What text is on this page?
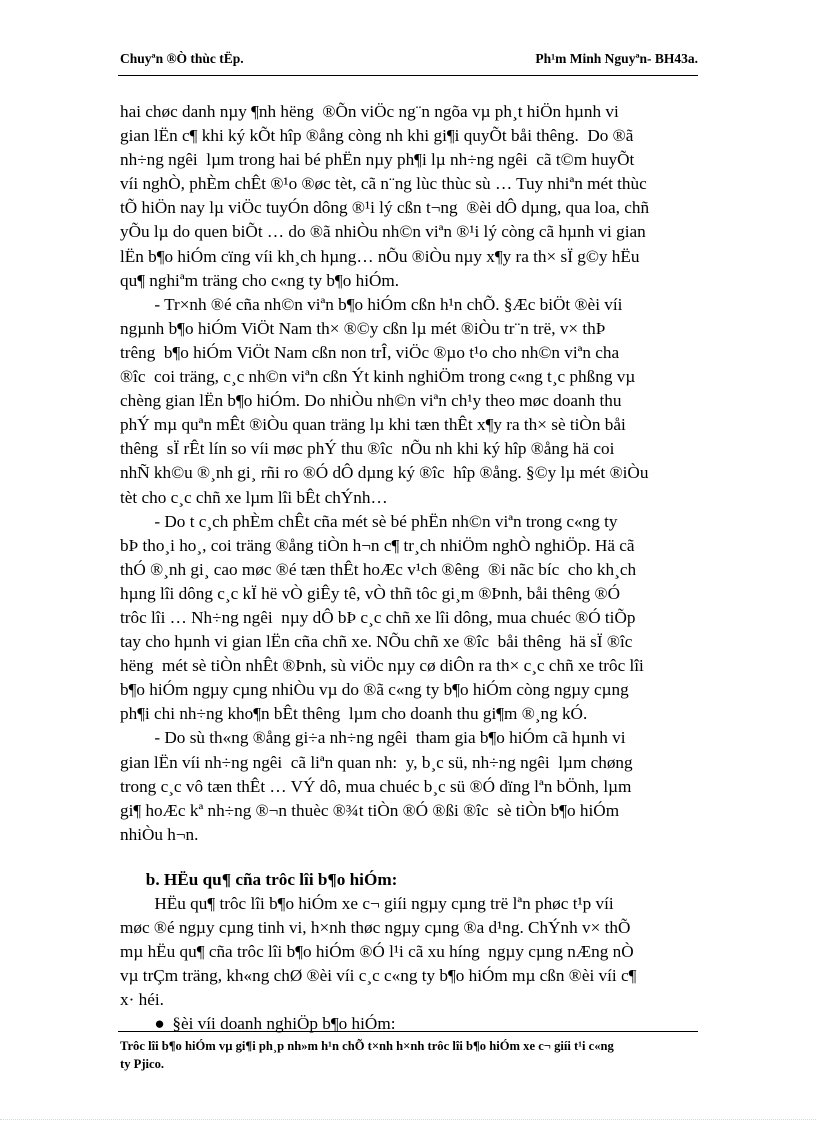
Chuyªn ®Ò thùc tËp.	Ph¹m Minh Nguyªn- BH43a.
hai chøc danh nµy ¶nh hëng  ®Õn viÖc ng¨n ngõa vµ ph¸t hiÖn hµnh vi
gian lËn c¶ khi ký kÕt hîp ®ång còng nh khi gi¶i quyÕt båi thêng.  Do ®ã
nh÷ng ngêi  lµm trong hai bé phËn nµy ph¶i lµ nh÷ng ngêi  cã t©m huyÕt
víi nghÒ, phÈm chÊt ®¹o ®øc tèt, cã n¨ng lùc thùc sù … Tuy nhiªn mét thùc
tÕ hiÖn nay lµ viÖc tuyÓn dông ®¹i lý cßn t¬ng  ®èi dÔ dµng, qua loa, chñ
yÕu lµ do quen biÕt … do ®ã nhiÒu nh©n viªn ®¹i lý còng cã hµnh vi gian
lËn b¶o hiÓm cïng víi kh¸ch hµng… nÕu ®iÒu nµy x¶y ra th× sÏ g©y hËu
qu¶ nghiªm träng cho c«ng ty b¶o hiÓm.
- Tr×nh ®é cña nh©n viªn b¶o hiÓm cßn h¹n chÕ. §Æc biÖt ®èi víi
ngµnh b¶o hiÓm ViÖt Nam th× ®©y cßn lµ mét ®iÒu tr¨n trë, v× thÞ
trêng  b¶o hiÓm ViÖt Nam cßn non trÎ, viÖc ®µo t¹o cho nh©n viªn cha
®îc  coi träng, c¸c nh©n viªn cßn Ýt kinh nghiÖm trong c«ng t¸c phßng vµ
chèng gian lËn b¶o hiÓm. Do nhiÒu nh©n viªn ch¹y theo møc doanh thu
phÝ mµ quªn mÊt ®iÒu quan träng lµ khi tæn thÊt x¶y ra th× sè tiÒn båi
thêng  sÏ rÊt lín so víi møc phÝ thu ®îc  nÕu nh khi ký hîp ®ång hä coi
nhÑ kh©u ®¸nh gi¸ rñi ro ®Ó dÔ dµng ký ®îc  hîp ®ång. §©y lµ mét ®iÒu
tèt cho c¸c chñ xe lµm lîi bÊt chÝnh…
- Do t c¸ch phÈm chÊt cña mét sè bé phËn nh©n viªn trong c«ng ty
bÞ tho¸i ho¸, coi träng ®ång tiÒn h¬n c¶ tr¸ch nhiÖm nghÒ nghiÖp. Hä cã
thÓ ®¸nh gi¸ cao møc ®é tæn thÊt hoÆc v¹ch ®êng  ®i nãc bíc  cho kh¸ch
hµng lîi dông c¸c kÏ hë vÒ giÊy tê, vÒ thñ tôc gi¸m ®Þnh, båi thêng ®Ó
trôc lîi … Nh÷ng ngêi  nµy dÔ bÞ c¸c chñ xe lîi dông, mua chuéc ®Ó tiÕp
tay cho hµnh vi gian lËn cña chñ xe. NÕu chñ xe ®îc  båi thêng  hä sÏ ®îc
hëng  mét sè tiÒn nhÊt ®Þnh, sù viÖc nµy cø diÔn ra th× c¸c chñ xe trôc lîi
b¶o hiÓm ngµy cµng nhiÒu vµ do ®ã c«ng ty b¶o hiÓm còng ngµy cµng
ph¶i chi nh÷ng kho¶n bÊt thêng  lµm cho doanh thu gi¶m ®¸ng kÓ.
- Do sù th«ng ®ång gi÷a nh÷ng ngêi  tham gia b¶o hiÓm cã hµnh vi
gian lËn víi nh÷ng ngêi  cã liªn quan nh:  y, b¸c sü, nh÷ng ngêi  lµm chøng
trong c¸c vô tæn thÊt … VÝ dô, mua chuéc b¸c sü ®Ó dïng lªn bÖnh, lµm
gi¶ hoÆc kª nh÷ng ®¬n thuèc ®¾t tiÒn ®Ó ®ßi ®îc  sè tiÒn b¶o hiÓm
nhiÒu h¬n.
b. HËu qu¶ cña trôc lîi b¶o hiÓm:
HËu qu¶ trôc lîi b¶o hiÓm xe c¬ giíi ngµy cµng trë lªn phøc t¹p víi
møc ®é ngµy cµng tinh vi, h×nh thøc ngµy cµng ®a d¹ng. ChÝnh v× thÕ
mµ hËu qu¶ cña trôc lîi b¶o hiÓm ®Ó l¹i cã xu híng  ngµy cµng nÆng nÒ
vµ trÇm träng, kh«ng chØ ®èi víi c¸c c«ng ty b¶o hiÓm mµ cßn ®èi víi c¶
x· héi.
● §èi víi doanh nghiÖp b¶o hiÓm:
Trôc lîi b¶o hiÓm vµ gi¶i ph¸p nh»m h¹n chÕ t×nh h×nh trôc lîi b¶o hiÓm xe c¬ giíi t¹i c«ng
ty Pjico.
